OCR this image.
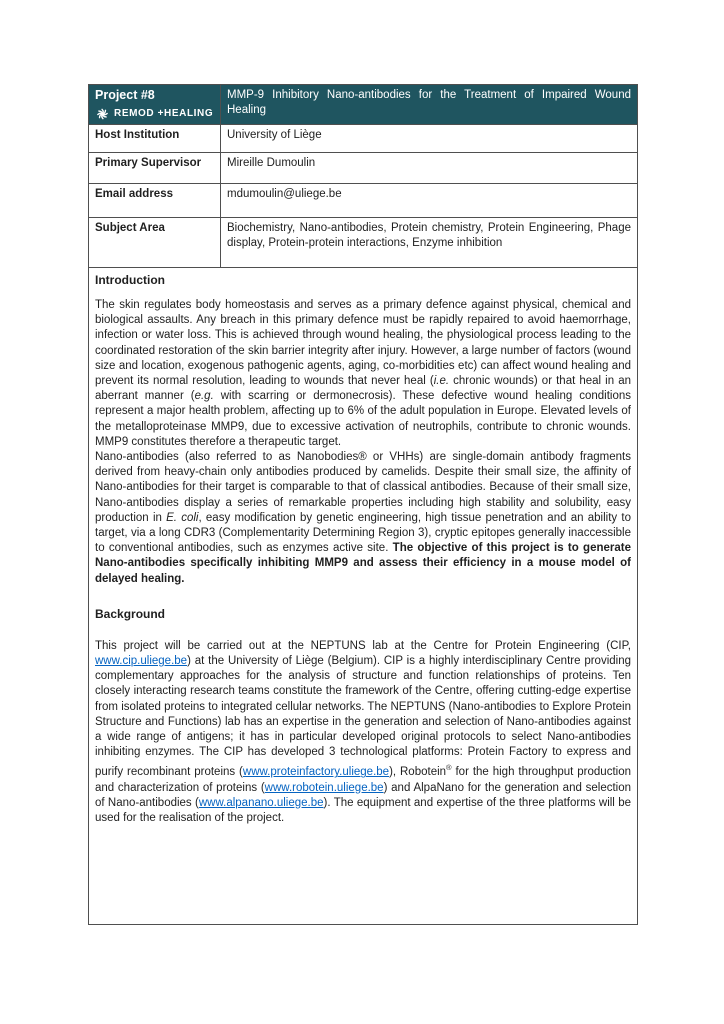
Project #8
REMOD +HEALING	MMP-9 Inhibitory Nano-antibodies for the Treatment of Impaired Wound Healing
Host Institution	University of Liège
Primary Supervisor	Mireille Dumoulin
Email address	mdumoulin@uliege.be
Subject Area	Biochemistry, Nano-antibodies, Protein chemistry, Protein Engineering, Phage display, Protein-protein interactions, Enzyme inhibition

Introduction

The skin regulates body homeostasis and serves as a primary defence against physical, chemical and biological assaults. Any breach in this primary defence must be rapidly repaired to avoid haemorrhage, infection or water loss. This is achieved through wound healing, the physiological process leading to the coordinated restoration of the skin barrier integrity after injury. However, a large number of factors (wound size and location, exogenous pathogenic agents, aging, co-morbidities etc) can affect wound healing and prevent its normal resolution, leading to wounds that never heal (i.e. chronic wounds) or that heal in an aberrant manner (e.g. with scarring or dermonecrosis). These defective wound healing conditions represent a major health problem, affecting up to 6% of the adult population in Europe. Elevated levels of the metalloproteinase MMP9, due to excessive activation of neutrophils, contribute to chronic wounds. MMP9 constitutes therefore a therapeutic target.

Nano-antibodies (also referred to as Nanobodies® or VHHs) are single-domain antibody fragments derived from heavy-chain only antibodies produced by camelids. Despite their small size, the affinity of Nano-antibodies for their target is comparable to that of classical antibodies. Because of their small size, Nano-antibodies display a series of remarkable properties including high stability and solubility, easy production in E. coli, easy modification by genetic engineering, high tissue penetration and an ability to target, via a long CDR3 (Complementarity Determining Region 3), cryptic epitopes generally inaccessible to conventional antibodies, such as enzymes active site. The objective of this project is to generate Nano-antibodies specifically inhibiting MMP9 and assess their efficiency in a mouse model of delayed healing.

Background

This project will be carried out at the NEPTUNS lab at the Centre for Protein Engineering (CIP, www.cip.uliege.be) at the University of Liège (Belgium). CIP is a highly interdisciplinary Centre providing complementary approaches for the analysis of structure and function relationships of proteins. Ten closely interacting research teams constitute the framework of the Centre, offering cutting-edge expertise from isolated proteins to integrated cellular networks. The NEPTUNS (Nano-antibodies to Explore Protein Structure and Functions) lab has an expertise in the generation and selection of Nano-antibodies against a wide range of antigens; it has in particular developed original protocols to select Nano-antibodies inhibiting enzymes. The CIP has developed 3 technological platforms: Protein Factory to express and purify recombinant proteins (www.proteinfactory.uliege.be), Robotein® for the high throughput production and characterization of proteins (www.robotein.uliege.be) and AlpaNano for the generation and selection of Nano-antibodies (www.alpanano.uliege.be). The equipment and expertise of the three platforms will be used for the realisation of the project.	
